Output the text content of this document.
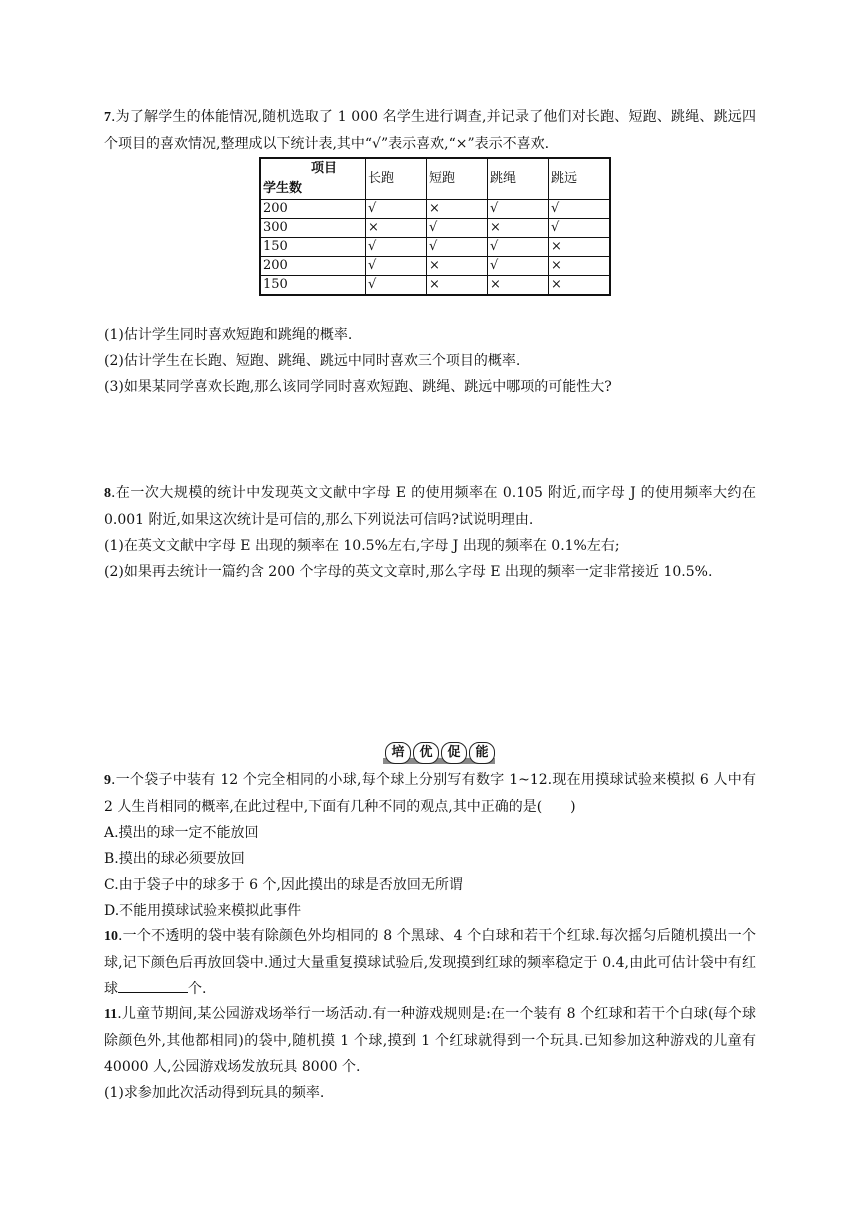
7.为了解学生的体能情况,随机选取了 1 000 名学生进行调查,并记录了他们对长跑、短跑、跳绳、跳远四个项目的喜欢情况,整理成以下统计表,其中“√”表示喜欢,“×”表示不喜欢.

项目
学生数	长跑	短跑	跳绳	跳远
200	√	×	√	√
300	×	√	×	√
150	√	√	√	×
200	√	×	√	×
150	√	×	×	×

(1)估计学生同时喜欢短跑和跳绳的概率.

(2)估计学生在长跑、短跑、跳绳、跳远中同时喜欢三个项目的概率.

(3)如果某同学喜欢长跑,那么该同学同时喜欢短跑、跳绳、跳远中哪项的可能性大?

8.在一次大规模的统计中发现英文文献中字母 E 的使用频率在 0.105 附近,而字母 J 的使用频率大约在 0.001 附近,如果这次统计是可信的,那么下列说法可信吗?试说明理由.

(1)在英文文献中字母 E 出现的频率在 10.5%左右,字母 J 出现的频率在 0.1%左右;

(2)如果再去统计一篇约含 200 个字母的英文文章时,那么字母 E 出现的频率一定非常接近 10.5%.

培	优	促	能

9.一个袋子中装有 12 个完全相同的小球,每个球上分别写有数字 1~12.现在用摸球试验来模拟 6 人中有 2 人生肖相同的概率,在此过程中,下面有几种不同的观点,其中正确的是(　　)

A.摸出的球一定不能放回

B.摸出的球必须要放回

C.由于袋子中的球多于 6 个,因此摸出的球是否放回无所谓

D.不能用摸球试验来模拟此事件

10.一个不透明的袋中装有除颜色外均相同的 8 个黑球、4 个白球和若干个红球.每次摇匀后随机摸出一个球,记下颜色后再放回袋中.通过大量重复摸球试验后,发现摸到红球的频率稳定于 0.4,由此可估计袋中有红球	个.

11.儿童节期间,某公园游戏场举行一场活动.有一种游戏规则是:在一个装有 8 个红球和若干个白球(每个球除颜色外,其他都相同)的袋中,随机摸 1 个球,摸到 1 个红球就得到一个玩具.已知参加这种游戏的儿童有 40000 人,公园游戏场发放玩具 8000 个.

(1)求参加此次活动得到玩具的频率.
